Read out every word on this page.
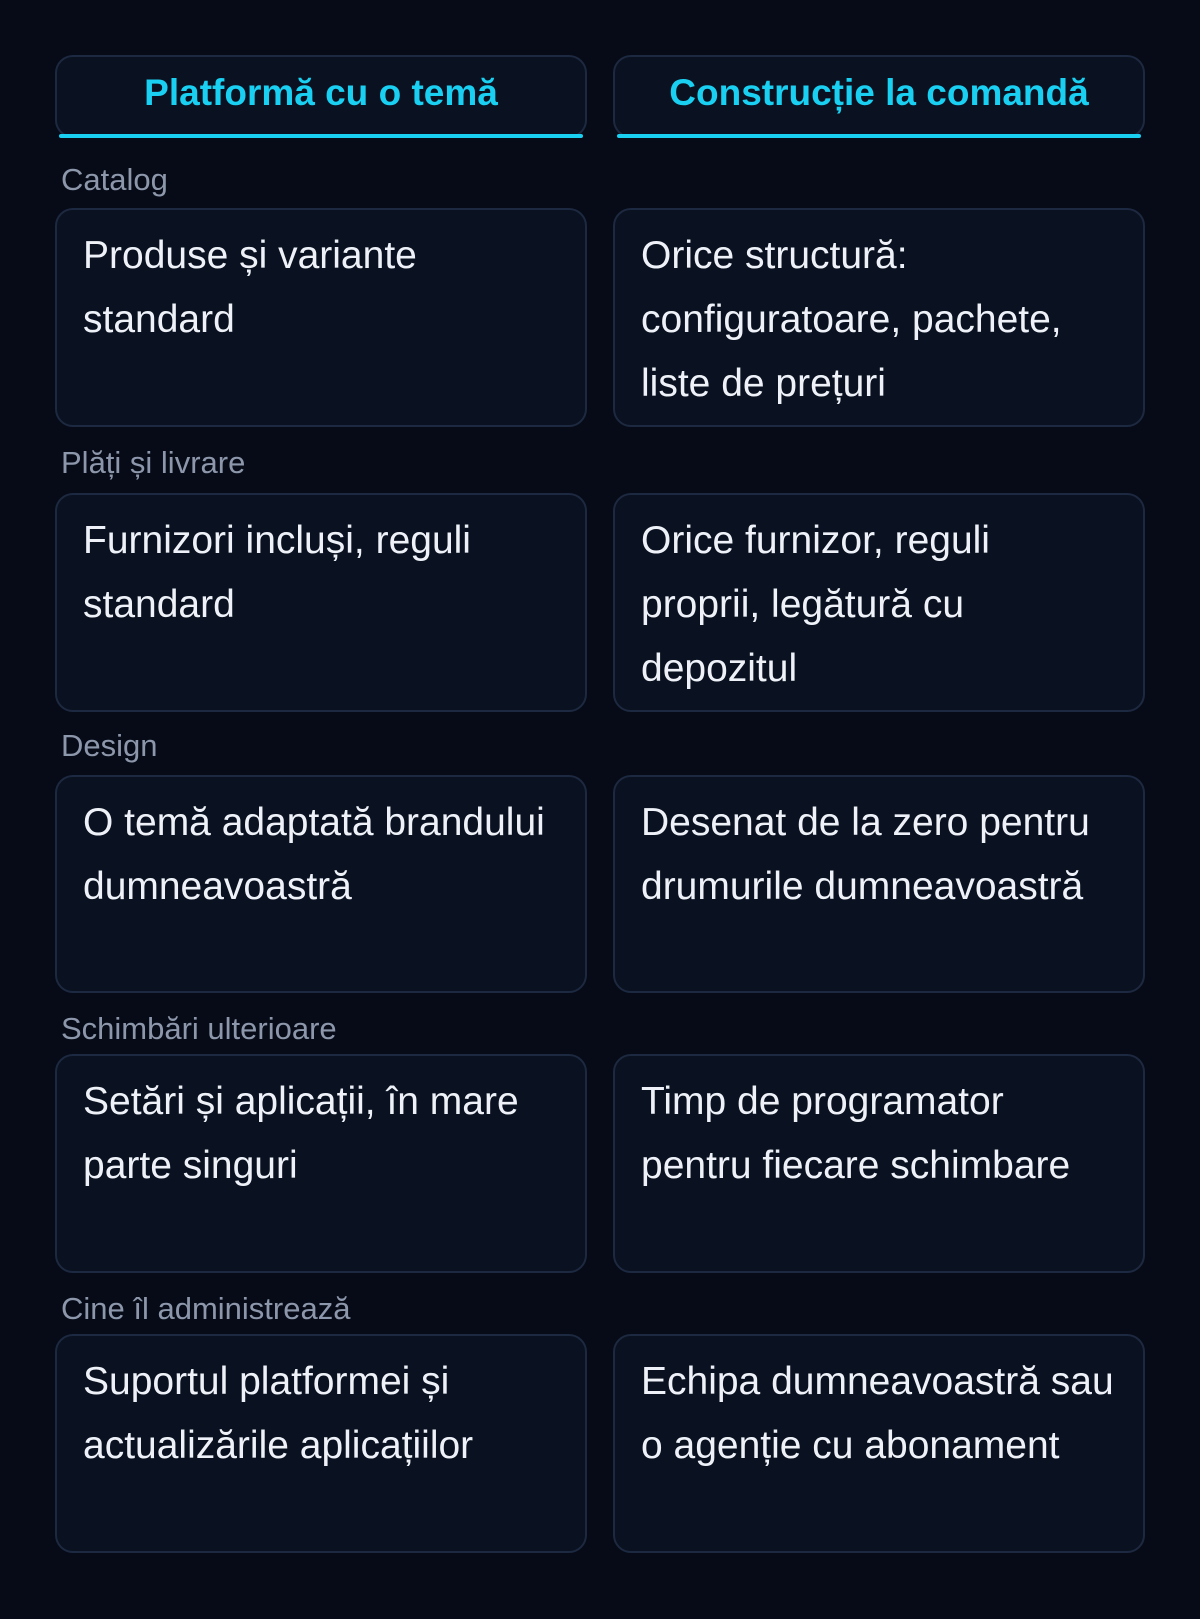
Platformă cu o temă	Construcție la comandă
Catalog
Produse și variante standard
Orice structură: configuratoare, pachete, liste de prețuri
Plăți și livrare
Furnizori incluși, reguli standard
Orice furnizor, reguli proprii, legătură cu depozitul
Design
O temă adaptată brandului dumneavoastră
Desenat de la zero pentru drumurile dumneavoastră
Schimbări ulterioare
Setări și aplicații, în mare parte singuri
Timp de programator pentru fiecare schimbare
Cine îl administrează
Suportul platformei și actualizările aplicațiilor
Echipa dumneavoastră sau o agenție cu abonament
